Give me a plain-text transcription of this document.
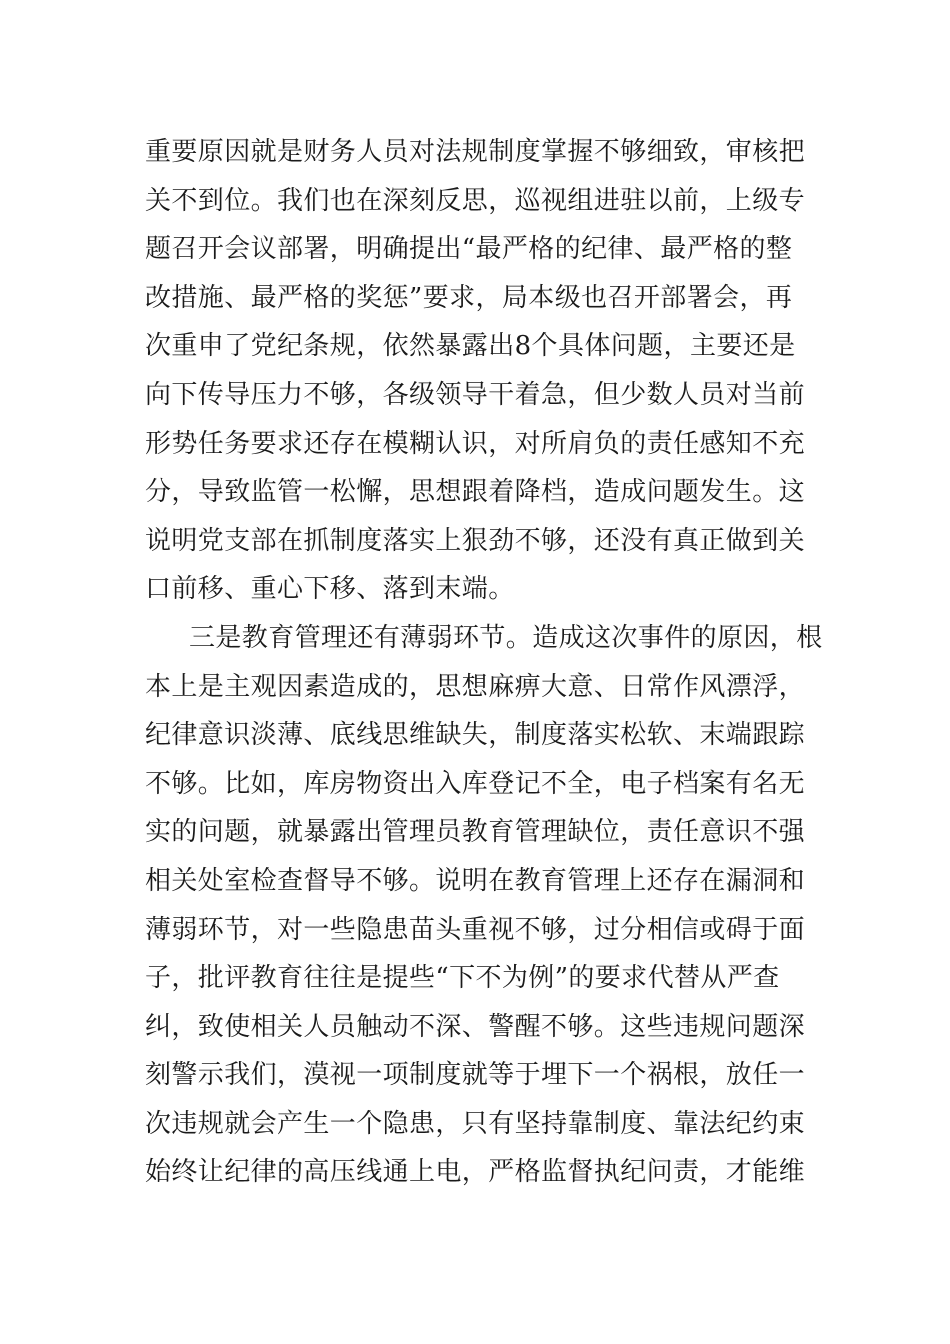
重要原因就是财务人员对法规制度掌握不够细致，审核把
关不到位。我们也在深刻反思，巡视组进驻以前，上级专
题召开会议部署，明确提出“最严格的纪律、最严格的整
改措施、最严格的奖惩”要求，局本级也召开部署会，再
次重申了党纪条规，依然暴露出8个具体问题，主要还是
向下传导压力不够，各级领导干着急，但少数人员对当前
形势任务要求还存在模糊认识，对所肩负的责任感知不充
分，导致监管一松懈，思想跟着降档，造成问题发生。这
说明党支部在抓制度落实上狠劲不够，还没有真正做到关
口前移、重心下移、落到末端。
三是教育管理还有薄弱环节。造成这次事件的原因，根
本上是主观因素造成的，思想麻痹大意、日常作风漂浮，
纪律意识淡薄、底线思维缺失，制度落实松软、末端跟踪
不够。比如，库房物资出入库登记不全，电子档案有名无
实的问题，就暴露出管理员教育管理缺位，责任意识不强
相关处室检查督导不够。说明在教育管理上还存在漏洞和
薄弱环节，对一些隐患苗头重视不够，过分相信或碍于面
子，批评教育往往是提些“下不为例”的要求代替从严查
纠，致使相关人员触动不深、警醒不够。这些违规问题深
刻警示我们，漠视一项制度就等于埋下一个祸根，放任一
次违规就会产生一个隐患，只有坚持靠制度、靠法纪约束
始终让纪律的高压线通上电，严格监督执纪问责，才能维
